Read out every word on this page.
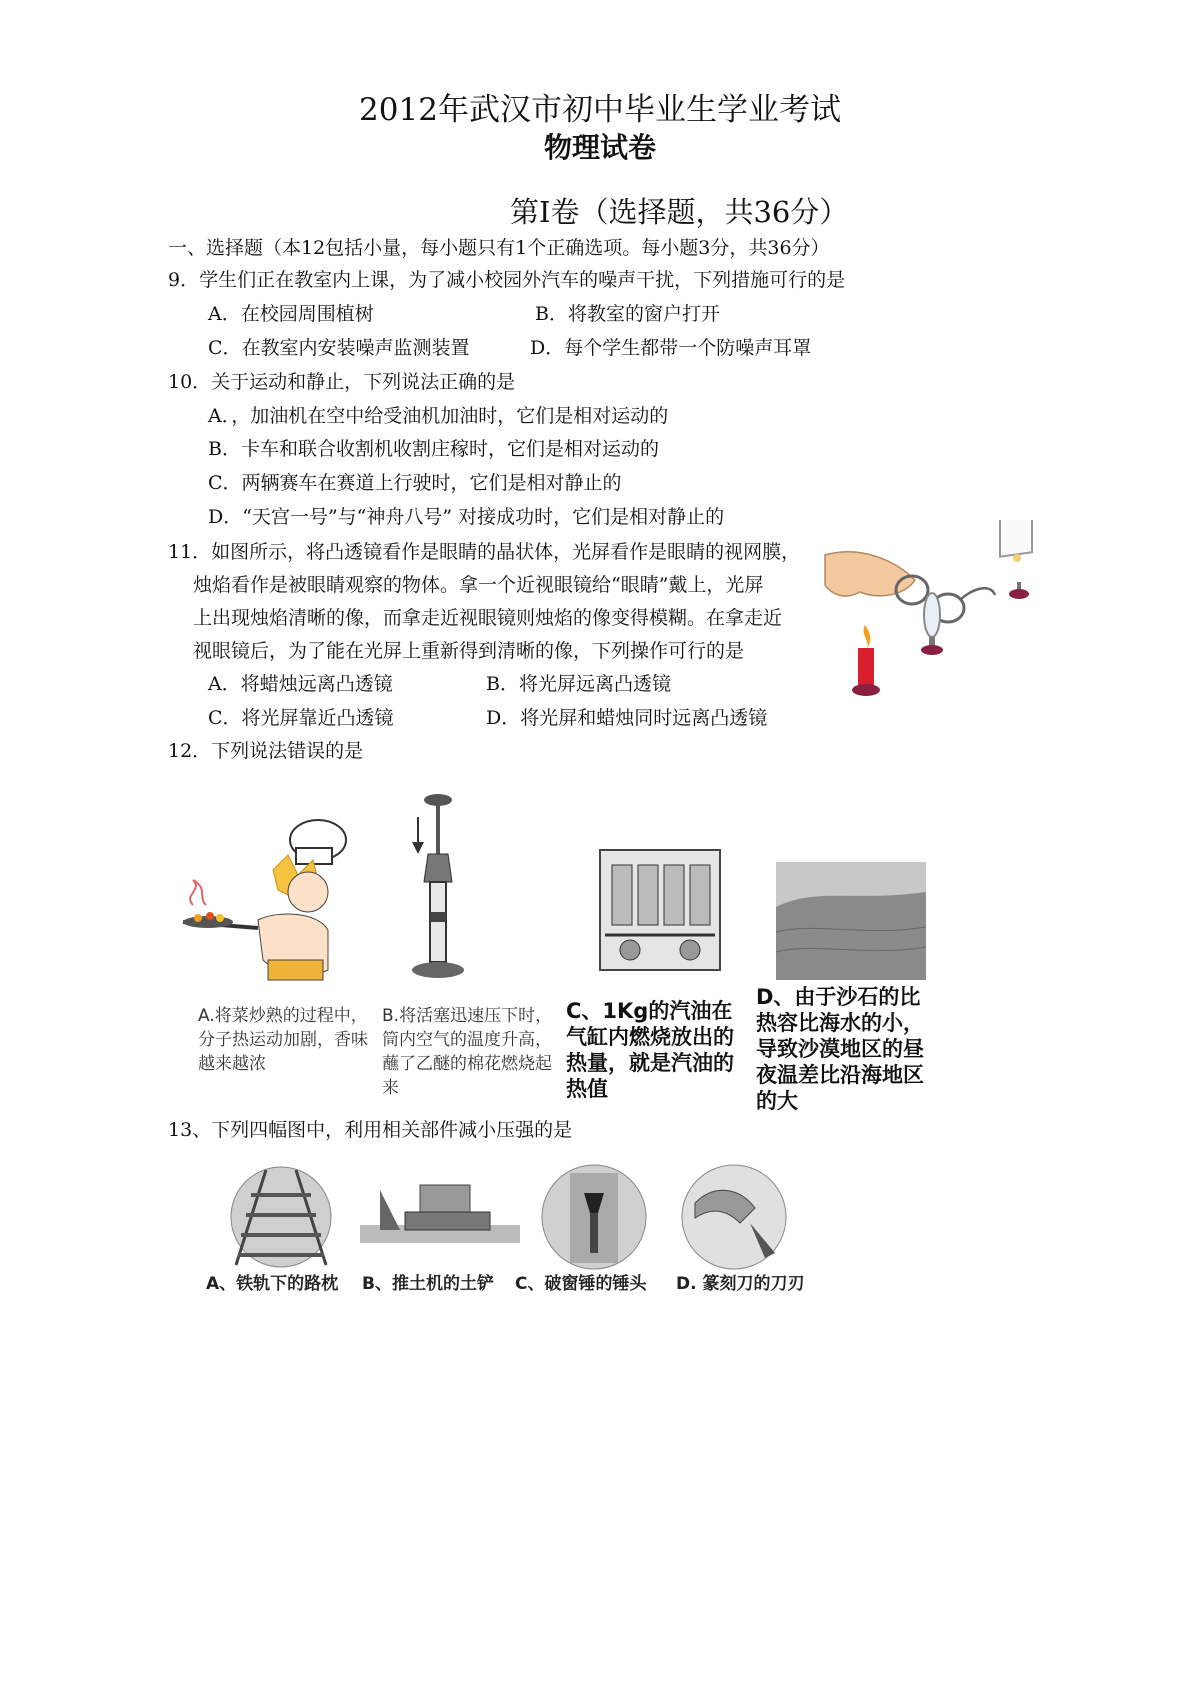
2012年武汉市初中毕业生学业考试
物理试卷
第Ⅰ卷（选择题，共36分）
一、选择题（本12包括小量，每小题只有1个正确选项。每小题3分，共36分）
9．学生们正在教室内上课，为了减小校园外汽车的噪声干扰，下列措施可行的是
A．在校园周围植树	B．将教室的窗户打开
C．在教室内安装噪声监测装置	D．每个学生都带一个防噪声耳罩
10．关于运动和静止，下列说法正确的是
A．，加油机在空中给受油机加油时，它们是相对运动的
B．卡车和联合收割机收割庄稼时，它们是相对运动的
C．两辆赛车在赛道上行驶时，它们是相对静止的
D．“天宫一号”与“神舟八号” 对接成功时，它们是相对静止的
11．如图所示，将凸透镜看作是眼睛的晶状体，光屏看作是眼睛的视网膜，
烛焰看作是被眼睛观察的物体。拿一个近视眼镜给“眼睛”戴上，光屏
上出现烛焰清晰的像，而拿走近视眼镜则烛焰的像变得模糊。在拿走近
视眼镜后，为了能在光屏上重新得到清晰的像，下列操作可行的是
A．将蜡烛远离凸透镜	B．将光屏远离凸透镜
C．将光屏靠近凸透镜	D．将光屏和蜡烛同时远离凸透镜
12．下列说法错误的是
A.将菜炒熟的过程中，分子热运动加剧，香味越来越浓
B.将活塞迅速压下时，筒内空气的温度升高，蘸了乙醚的棉花燃烧起来
C、1Kg的汽油在气缸内燃烧放出的热量，就是汽油的热值
D、由于沙石的比热容比海水的小，导致沙漠地区的昼夜温差比沿海地区的大
13、下列四幅图中，利用相关部件减小压强的是
A、铁轨下的路枕 B、推土机的土铲 C、破窗锤的锤头 D. 篆刻刀的刀刃
